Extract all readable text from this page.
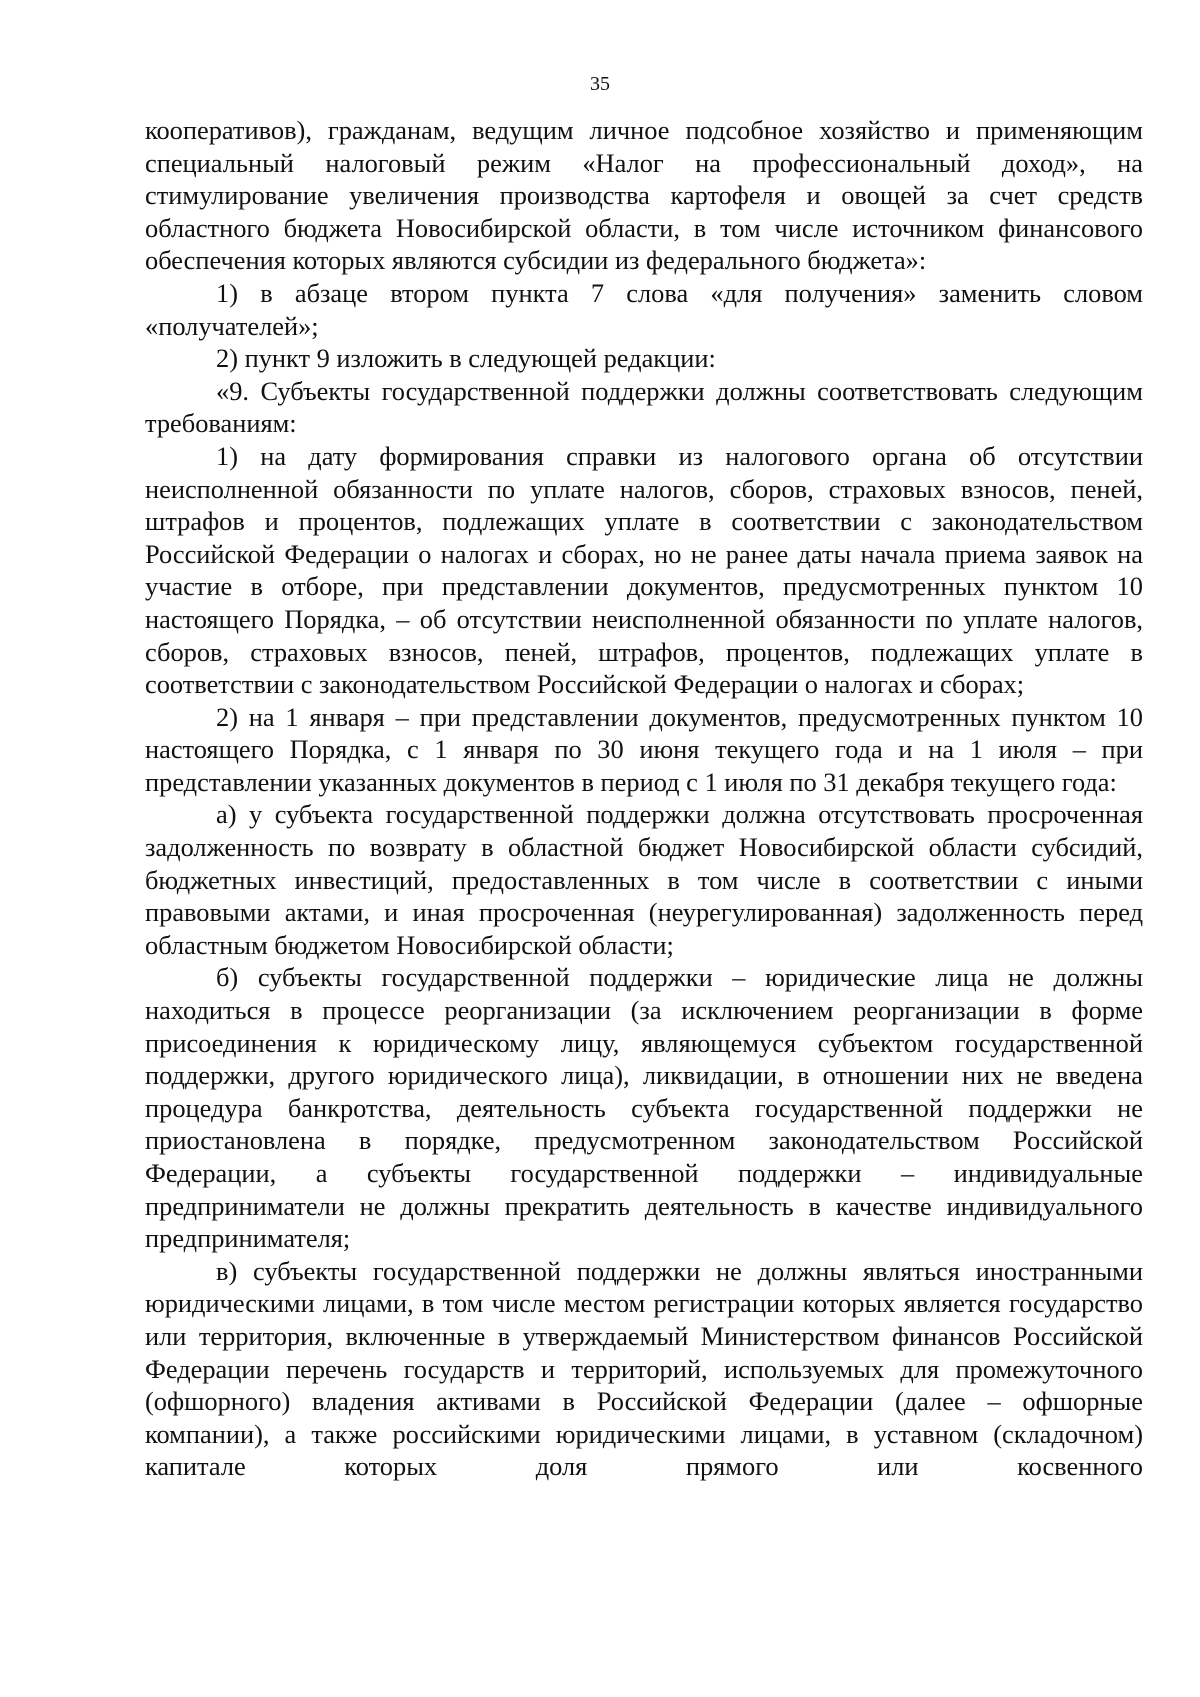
35

кооперативов), гражданам, ведущим личное подсобное хозяйство и применяющим специальный налоговый режим «Налог на профессиональный доход», на стимулирование увеличения производства картофеля и овощей за счет средств областного бюджета Новосибирской области, в том числе источником финансового обеспечения которых являются субсидии из федерального бюджета»:

1) в абзаце втором пункта 7 слова «для получения» заменить словом «получателей»;

2) пункт 9 изложить в следующей редакции:

«9. Субъекты государственной поддержки должны соответствовать следующим требованиям:

1) на дату формирования справки из налогового органа об отсутствии неисполненной обязанности по уплате налогов, сборов, страховых взносов, пеней, штрафов и процентов, подлежащих уплате в соответствии с законодательством Российской Федерации о налогах и сборах, но не ранее даты начала приема заявок на участие в отборе, при представлении документов, предусмотренных пунктом 10 настоящего Порядка, – об отсутствии неисполненной обязанности по уплате налогов, сборов, страховых взносов, пеней, штрафов, процентов, подлежащих уплате в соответствии с законодательством Российской Федерации о налогах и сборах;

2) на 1 января – при представлении документов, предусмотренных пунктом 10 настоящего Порядка, с 1 января по 30 июня текущего года и на 1 июля – при представлении указанных документов в период с 1 июля по 31 декабря текущего года:

а) у субъекта государственной поддержки должна отсутствовать просроченная задолженность по возврату в областной бюджет Новосибирской области субсидий, бюджетных инвестиций, предоставленных в том числе в соответствии с иными правовыми актами, и иная просроченная (неурегулированная) задолженность перед областным бюджетом Новосибирской области;

б) субъекты государственной поддержки – юридические лица не должны находиться в процессе реорганизации (за исключением реорганизации в форме присоединения к юридическому лицу, являющемуся субъектом государственной поддержки, другого юридического лица), ликвидации, в отношении них не введена процедура банкротства, деятельность субъекта государственной поддержки не приостановлена в порядке, предусмотренном законодательством Российской Федерации, а субъекты государственной поддержки – индивидуальные предприниматели не должны прекратить деятельность в качестве индивидуального предпринимателя;

в) субъекты государственной поддержки не должны являться иностранными юридическими лицами, в том числе местом регистрации которых является государство или территория, включенные в утверждаемый Министерством финансов Российской Федерации перечень государств и территорий, используемых для промежуточного (офшорного) владения активами в Российской Федерации (далее – офшорные компании), а также российскими юридическими лицами, в уставном (складочном) капитале которых доля прямого или косвенного
